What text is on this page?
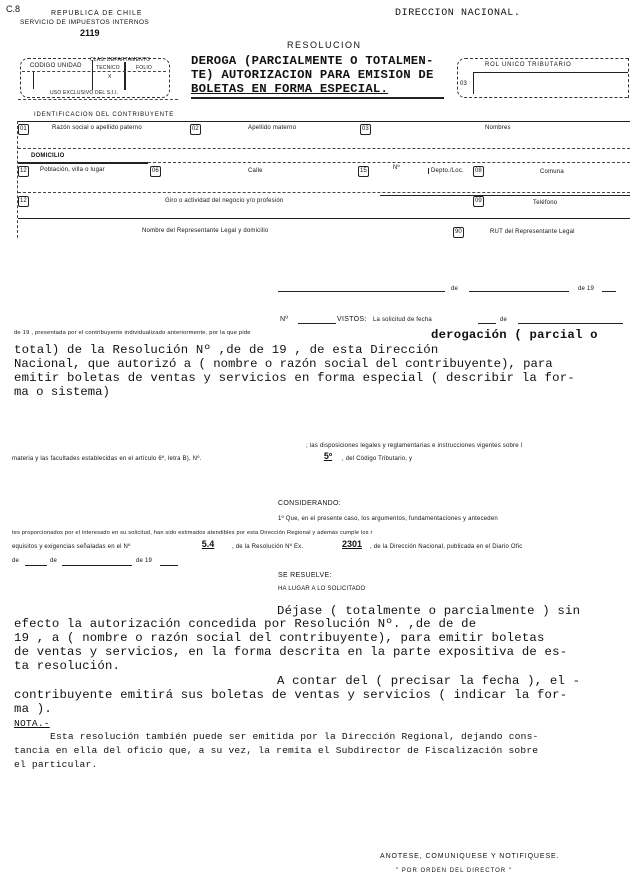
C.8	REPUBLICA DE CHILE
SERVICIO DE IMPUESTOS INTERNOS
2119
DIRECCION NACIONAL.
RESOLUCION
CODIGO UNIDAD
CLAS. DEPARTAMENTO
TECNICO	FOLIO
X
USO EXCLUSIVO DEL S.I.I.
DEROGA (PARCIALMENTE O TOTALMEN-
TE) AUTORIZACION PARA EMISION DE
BOLETAS EN FORMA ESPECIAL.
ROL UNICO TRIBUTARIO
03
IDENTIFICACION DEL CONTRIBUYENTE
01	Razón social o apellido paterno	02	Apellido materno	03	Nombres
DOMICILIO
12	Población, villa o lugar	06	Calle	15	Nº	Depto./Loc.	08	Comuna
12	Giro o actividad del negocio y/o profesión	09	Teléfono
Nombre del Representante Legal y domicilio	90	RUT del Representante Legal
de	de 19
Nº	VISTOS: La solicitud de fecha	de
de 19 , presentada por el contribuyente individualizado anteriormente, por la que pide	derogación ( parcial o
total) de la Resolución Nº ,de de 19 , de esta Dirección
Nacional, que autorizó a ( nombre o razón social del contribuyente), para
emitir boletas de ventas y servicios en forma especial ( describir la for-
ma o sistema)
; las disposiciones legales y reglamentarias e instrucciones vigentes sobre l
materia y las facultades establecidas en el artículo 6º, letra B), Nº.	5º	, del Código Tributario, y
CONSIDERANDO:
1º Que, en el presente caso, los argumentos, fundamentaciones y anteceden
tes proporcionados por el interesado en su solicitud, han sido estimados atendibles por esta Dirección Regional y además cumple los r
equisitos y exigencias señaladas en el Nº	5.4	, de la Resolución Nº Ex.	2301	, de la Dirección Nacional, publicada en el Diario Ofic
de	de	de 19
SE RESUELVE:
HA LUGAR A LO SOLICITADO
Déjase ( totalmente o parcialmente ) sin
efecto la autorización concedida por Resolución Nº. ,de de de
19 , a ( nombre o razón social del contribuyente), para emitir boletas
de ventas y servicios, en la forma descrita en la parte expositiva de es-
ta resolución.
A contar del ( precisar la fecha ), el -
contribuyente emitirá sus boletas de ventas y servicios ( indicar la for-
ma ).
NOTA.-
Esta resolución también puede ser emitida por la Dirección Regional, dejando cons-
tancia en ella del oficio que, a su vez, la remita el Subdirector de Fiscalización sobre
el particular.
ANOTESE, COMUNIQUESE Y NOTIFIQUESE.
" POR ORDEN DEL DIRECTOR "
